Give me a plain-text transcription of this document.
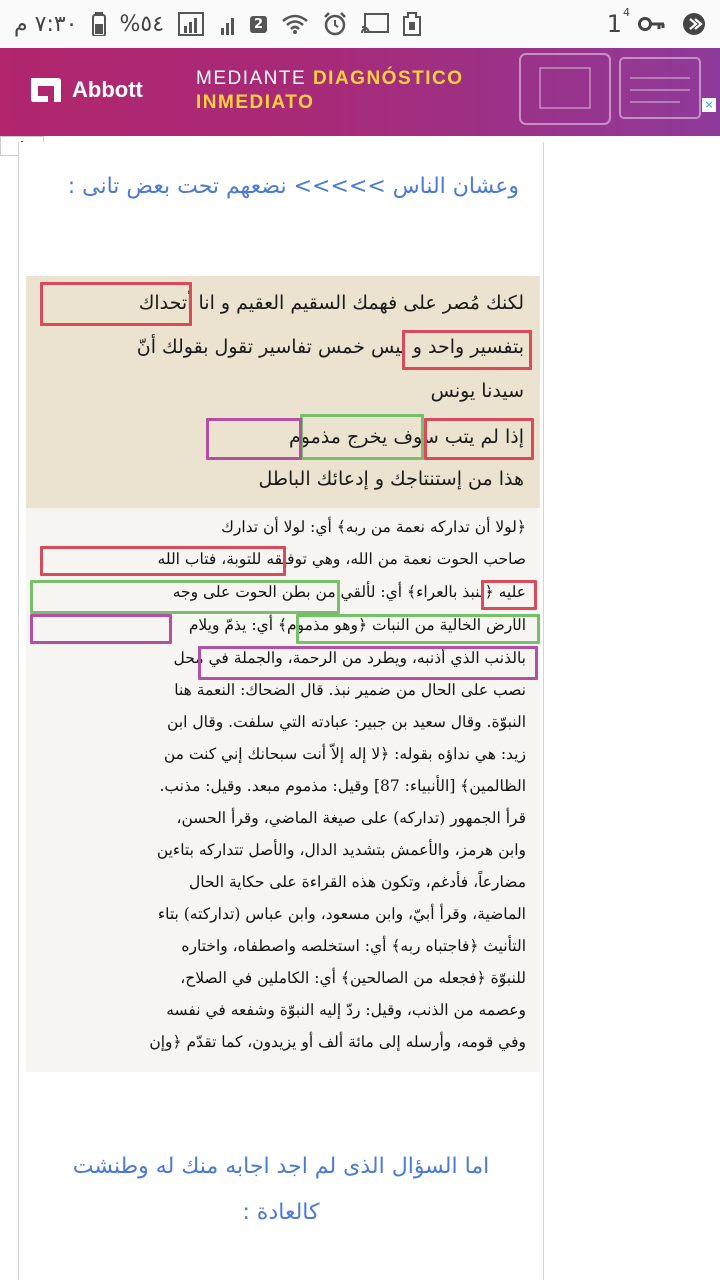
٧:٣٠ م %٥٤	2	1 4
Abbott	MEDIANTE DIAGNÓSTICO
INMEDIATO	×
وعشان الناس >>>>> نضعهم تحت بعض تانى :
لكنك مُصر على فهمك السقيم العقيم و انا أتحداك
بتفسير واحد و ليس خمس تفاسير تقول بقولك أنّ
سيدنا يونس
إذا لم يتب سوف يخرج مذموم
هذا من إستنتاجك و إدعائك الباطل
﴿لولا أن تداركه نعمة من ربه﴾ أي: لولا أن تدارك
صاحب الحوت نعمة من الله، وهي توفيقه للتوبة، فتاب الله
عليه ﴿لنبذ بالعراء﴾ أي: لألقي من بطن الحوت على وجه
الأرض الخالية من النبات ﴿وهو مذموم﴾ أي: يذمّ ويلام
بالذنب الذي أذنبه، ويطرد من الرحمة، والجملة في محل
نصب على الحال من ضمير نبذ. قال الضحاك: النعمة هنا
النبوّة. وقال سعيد بن جبير: عبادته التي سلفت. وقال ابن
زيد: هي نداؤه بقوله: ﴿لا إله إلاّ أنت سبحانك إني كنت من
الظالمين﴾ [الأنبياء: 87] وقيل: مذموم مبعد. وقيل: مذنب.
قرأ الجمهور (تداركه) على صيغة الماضي، وقرأ الحسن،
وابن هرمز، والأعمش بتشديد الدال، والأصل تتداركه بتاءين
مضارعاً، فأدغم، وتكون هذه القراءة على حكاية الحال
الماضية، وقرأ أبيّ، وابن مسعود، وابن عباس (تداركته) بتاء
التأنيث ﴿فاجتباه ربه﴾ أي: استخلصه واصطفاه، واختاره
للنبوّة ﴿فجعله من الصالحين﴾ أي: الكاملين في الصلاح،
وعصمه من الذنب، وقيل: ردّ إليه النبوّة وشفعه في نفسه
وفي قومه، وأرسله إلى مائة ألف أو يزيدون، كما تقدّم ﴿وإن
اما السؤال الذى لم اجد اجابه منك له وطنشت
كالعادة :
